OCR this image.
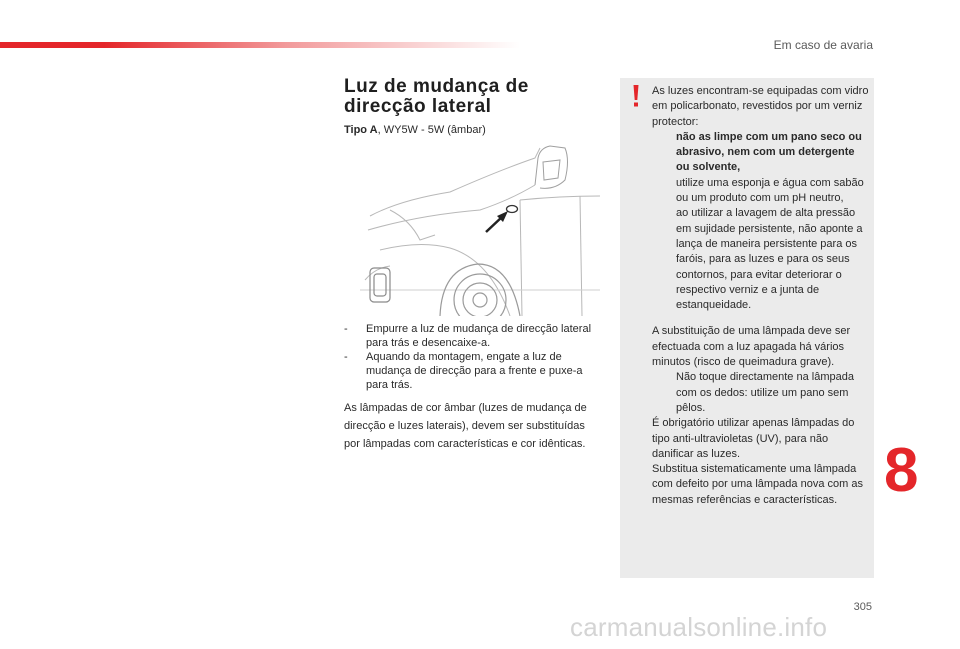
Em caso de avaria
Luz de mudança de
direcção lateral
Tipo A, WY5W - 5W (âmbar)
- Empurre a luz de mudança de direcção lateral para trás e desencaixe-a.
- Aquando da montagem, engate a luz de mudança de direcção para a frente e puxe-a para trás.

As lâmpadas de cor âmbar (luzes de mudança de direcção e luzes laterais), devem ser substituídas por lâmpadas com características e cor idênticas.

As luzes encontram-se equipadas com vidro em policarbonato, revestidos por um verniz protector:

não as limpe com um pano seco ou abrasivo, nem com um detergente ou solvente,
utilize uma esponja e água com sabão ou um produto com um pH neutro,
ao utilizar a lavagem de alta pressão em sujidade persistente, não aponte a lança de maneira persistente para os faróis, para as luzes e para os seus contornos, para evitar deteriorar o respectivo verniz e a junta de estanqueidade.

A substituição de uma lâmpada deve ser efectuada com a luz apagada há vários minutos (risco de queimadura grave).

Não toque directamente na lâmpada com os dedos: utilize um pano sem pêlos.

É obrigatório utilizar apenas lâmpadas do tipo anti-ultravioletas (UV), para não danificar as luzes.

Substitua sistematicamente uma lâmpada com defeito por uma lâmpada nova com as mesmas referências e características. 8
305
carmanualsonline.info
